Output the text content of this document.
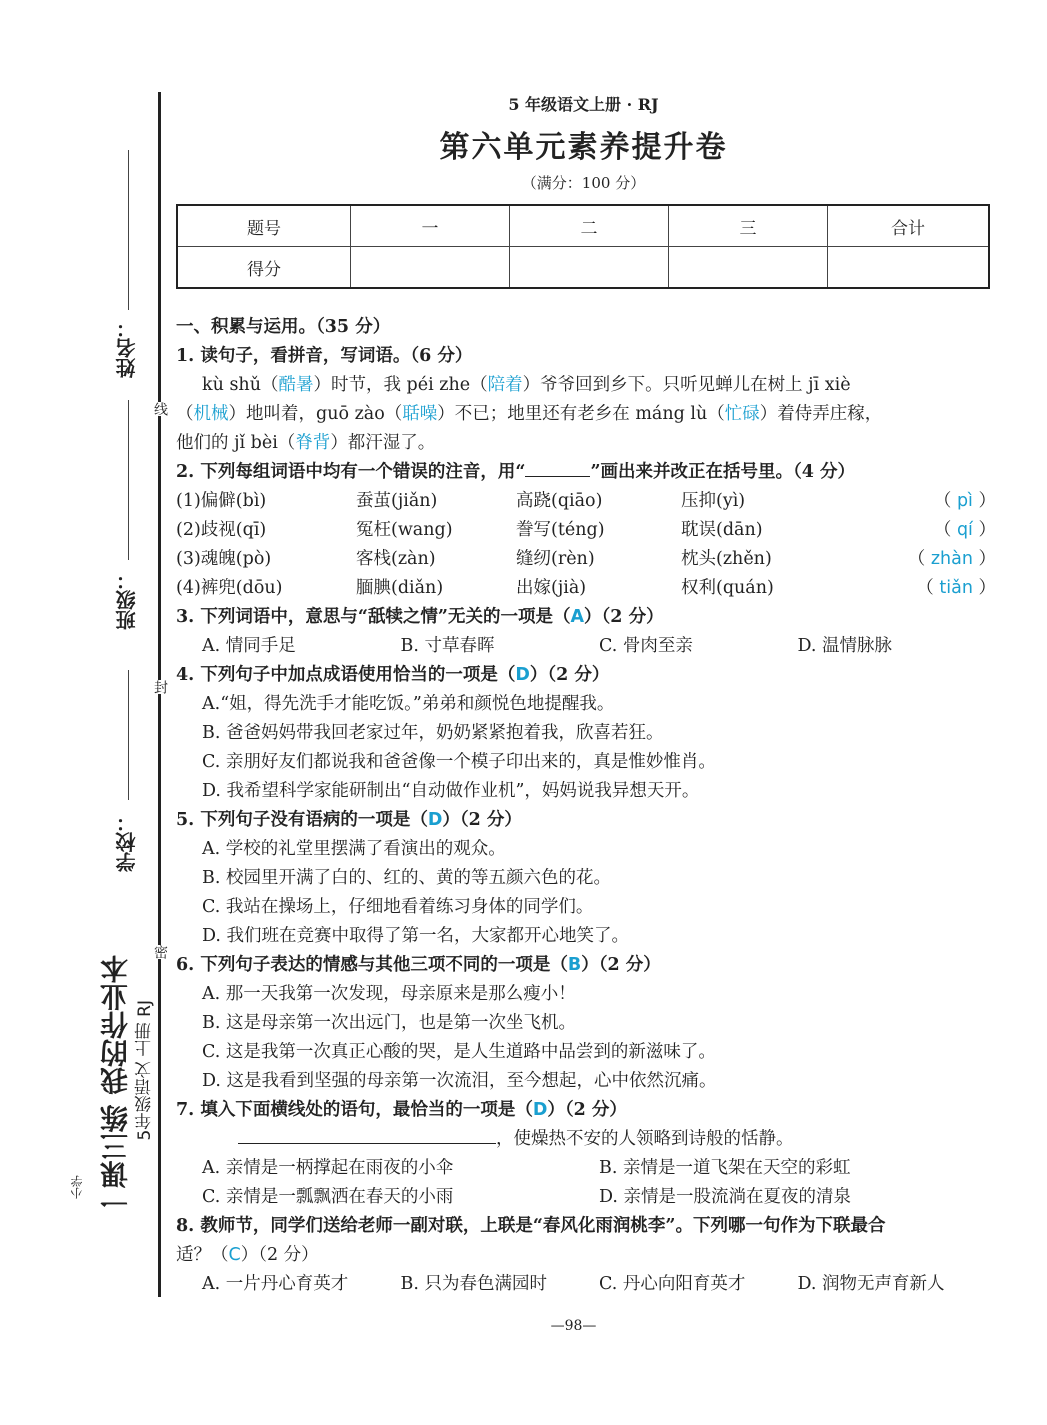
姓名：
班级：
学校：
线
封
密
一课三练 我的作业本 5年级语文 上册 RJ
小学
5 年级语文上册 · RJ
第六单元素养提升卷
（满分：100 分）
题号	一	二	三	合计
得分				

一、积累与运用。（35 分）

1. 读句子，看拼音，写词语。（6 分）

kù shǔ（酷暑）时节，我 péi zhe（陪着）爷爷回到乡下。只听见蝉儿在树上 jī xiè

（机械）地叫着，guō zào（聒噪）不已；地里还有老乡在 máng lù（忙碌）着侍弄庄稼，

他们的 jǐ bèi（脊背）都汗湿了。

2. 下列每组词语中均有一个错误的注音，用“	”画出来并改正在括号里。（4 分）

(1)偏僻(bì)	蚕茧(jiǎn)	高跷(qiāo)	压抑(yì)	（ pì ）

(2)歧视(qī)	冤枉(wang)	誊写(téng)	耽误(dān)	（ qí ）

(3)魂魄(pò)	客栈(zàn)	缝纫(rèn)	枕头(zhěn)	（ zhàn ）

(4)裤兜(dōu)	腼腆(diǎn)	出嫁(jià)	权利(quán)	（ tiǎn ）

3. 下列词语中，意思与“舐犊之情”无关的一项是（A）（2 分）

A. 情同手足	B. 寸草春晖	C. 骨肉至亲	D. 温情脉脉

4. 下列句子中加点成语使用恰当的一项是（D）（2 分）

A.“姐，得先洗手才能吃饭。”弟弟和颜悦色地提醒我。

B. 爸爸妈妈带我回老家过年，奶奶紧紧抱着我，欣喜若狂。

C. 亲朋好友们都说我和爸爸像一个模子印出来的，真是惟妙惟肖。

D. 我希望科学家能研制出“自动做作业机”，妈妈说我异想天开。

5. 下列句子没有语病的一项是（D）（2 分）

A. 学校的礼堂里摆满了看演出的观众。

B. 校园里开满了白的、红的、黄的等五颜六色的花。

C. 我站在操场上，仔细地看着练习身体的同学们。

D. 我们班在竞赛中取得了第一名，大家都开心地笑了。

6. 下列句子表达的情感与其他三项不同的一项是（B）（2 分）

A. 那一天我第一次发现，母亲原来是那么瘦小！

B. 这是母亲第一次出远门，也是第一次坐飞机。

C. 这是我第一次真正心酸的哭，是人生道路中品尝到的新滋味了。

D. 这是我看到坚强的母亲第一次流泪，至今想起，心中依然沉痛。

7. 填入下面横线处的语句，最恰当的一项是（D）（2 分）

，使燥热不安的人领略到诗般的恬静。

A. 亲情是一柄撑起在雨夜的小伞	B. 亲情是一道飞架在天空的彩虹

C. 亲情是一瓢飘洒在春天的小雨	D. 亲情是一股流淌在夏夜的清泉

8. 教师节，同学们送给老师一副对联，上联是“春风化雨润桃李”。下列哪一句作为下联最合

适？（C）（2 分）

A. 一片丹心育英才	B. 只为春色满园时	C. 丹心向阳育英才	D. 润物无声育新人

—98—
